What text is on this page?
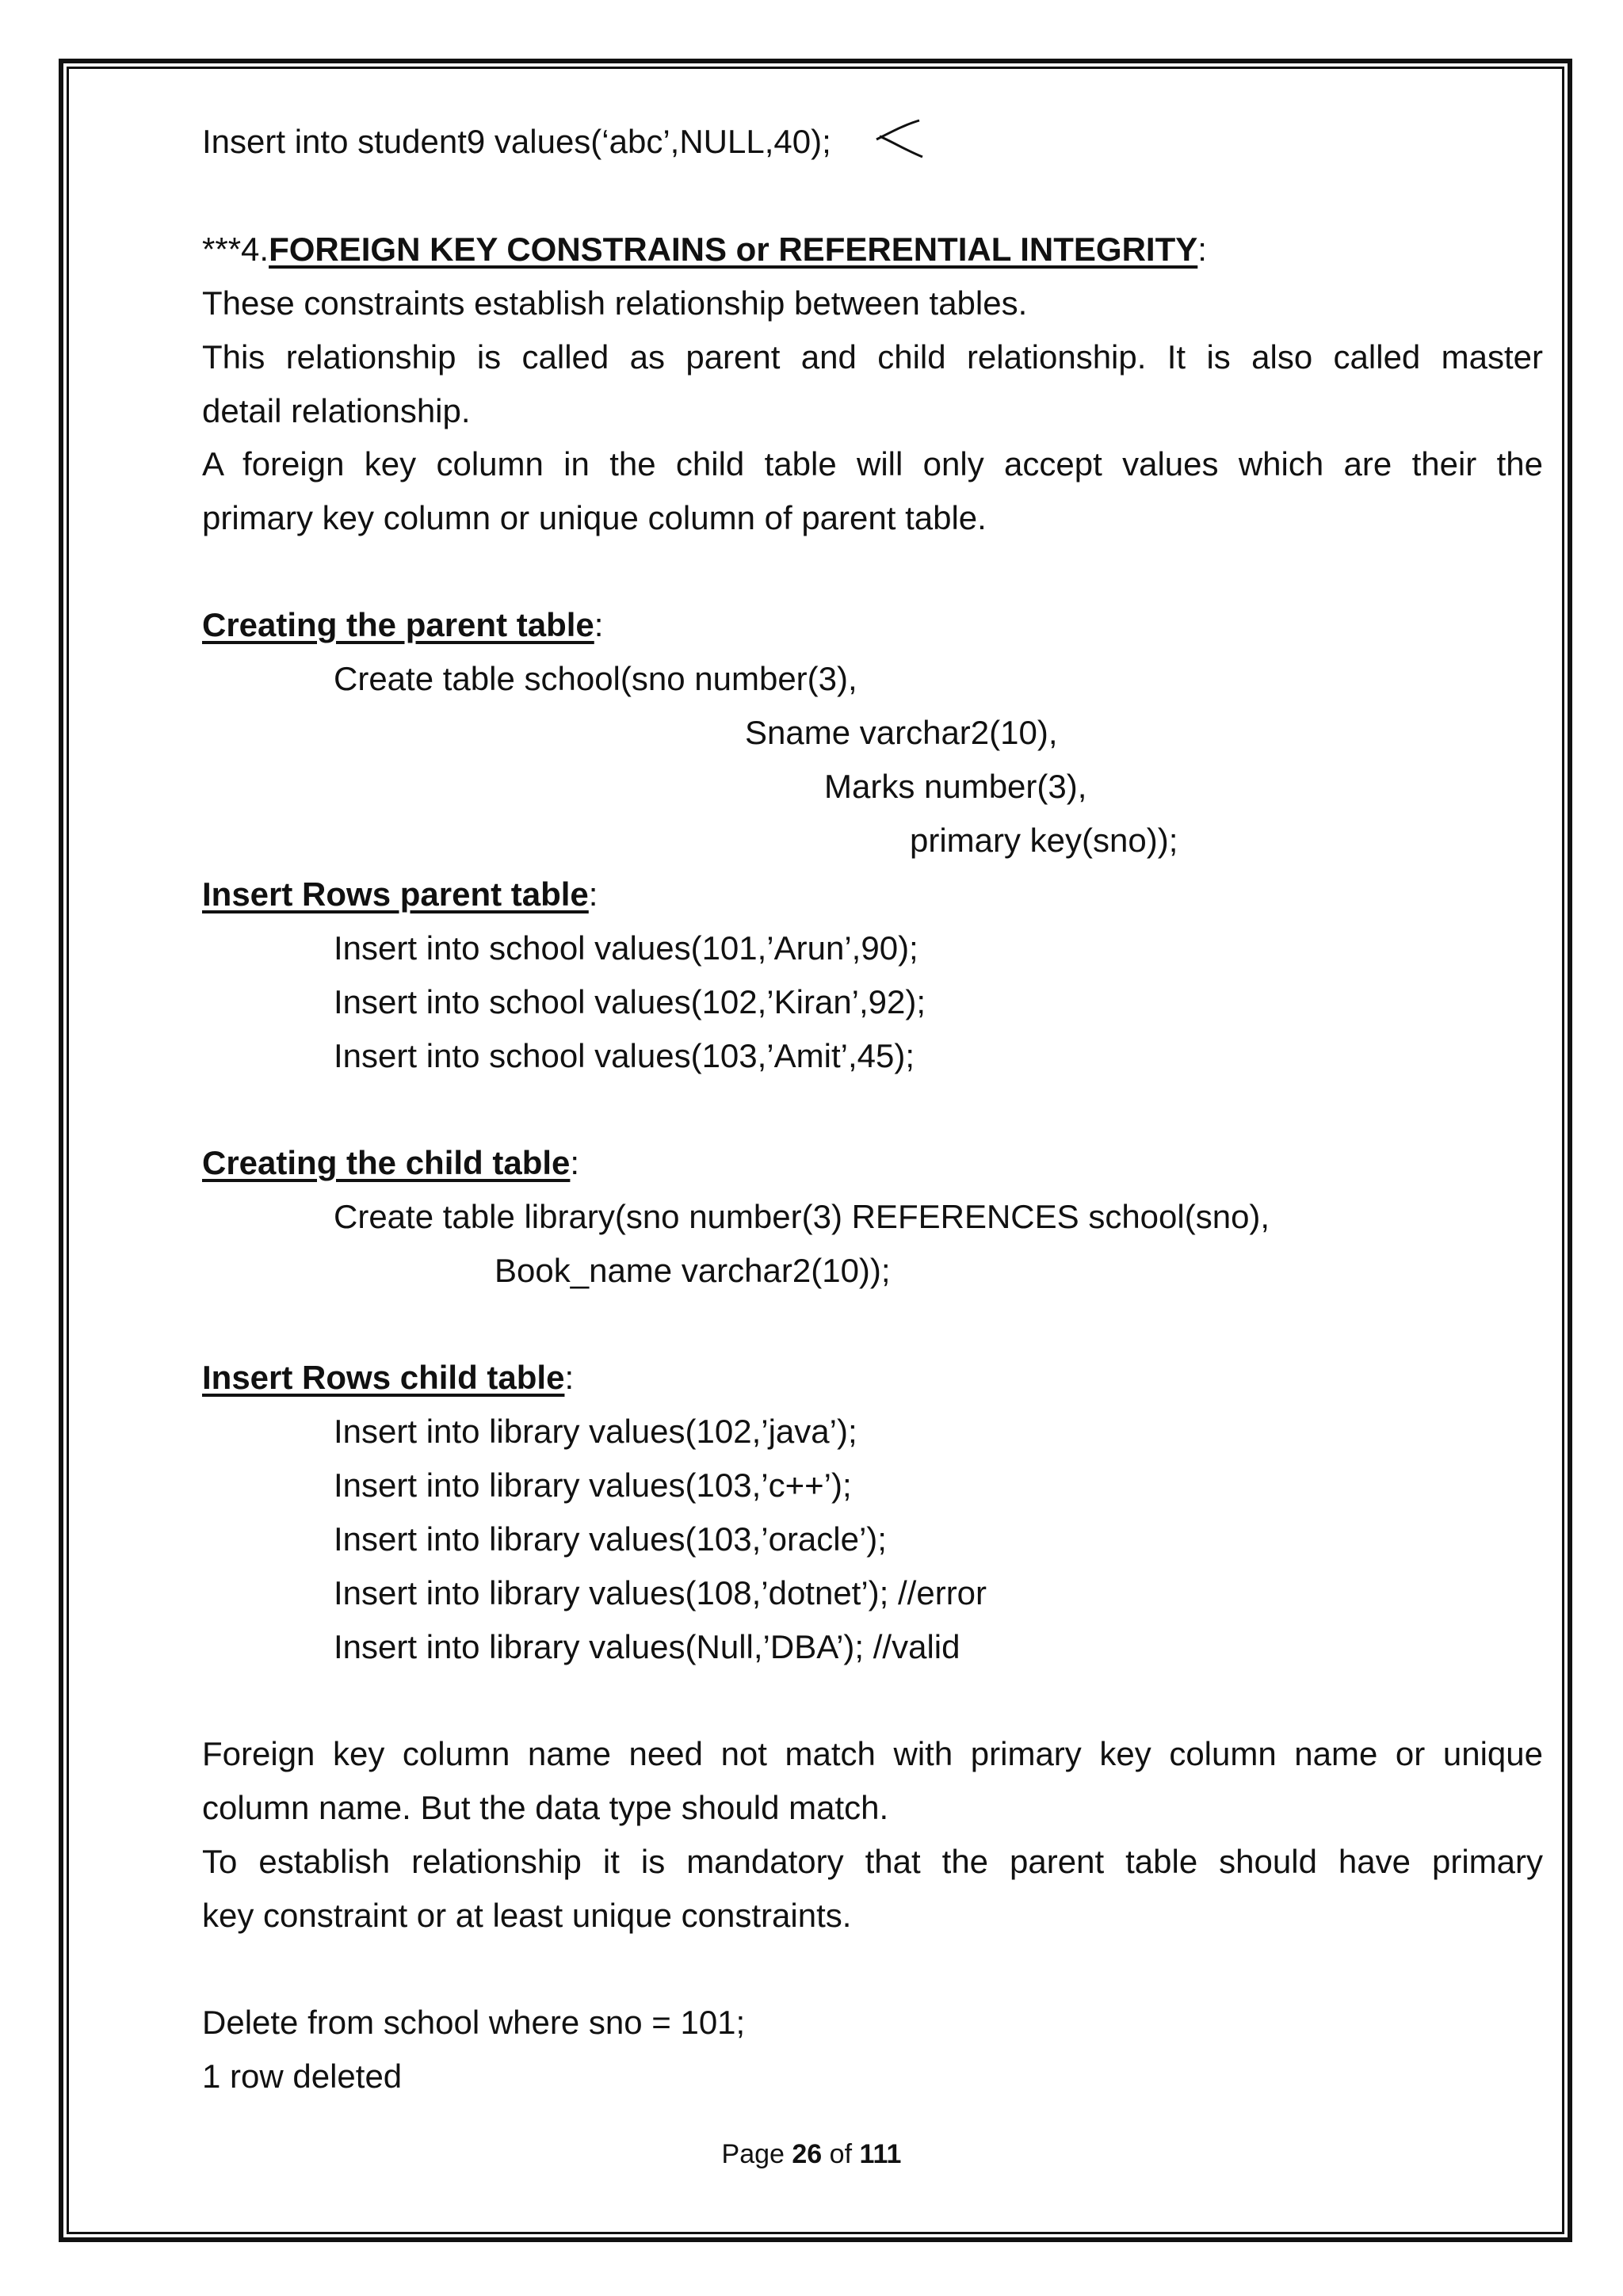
Insert into student9 values(‘abc’,NULL,40);
***4.FOREIGN KEY CONSTRAINS or REFERENTIAL INTEGRITY:
These constraints establish relationship between tables.
This relationship is called as parent and child relationship. It is also called master
detail relationship.
A foreign key column in the child table will only accept values which are their the
primary key column or unique column of parent table.
Creating the parent table:
Create table school(sno number(3),
Sname varchar2(10),
Marks number(3),
primary key(sno));
Insert Rows parent table:
Insert into school values(101,’Arun’,90);
Insert into school values(102,’Kiran’,92);
Insert into school values(103,’Amit’,45);
Creating the child table:
Create table library(sno number(3) REFERENCES school(sno),
Book_name varchar2(10));
Insert Rows child table:
Insert into library values(102,’java’);
Insert into library values(103,’c++’);
Insert into library values(103,’oracle’);
Insert into library values(108,’dotnet’); //error
Insert into library values(Null,’DBA’); //valid
Foreign key column name need not match with primary key column name or unique
column name. But the data type should match.
To establish relationship it is mandatory that the parent table should have primary
key constraint or at least unique constraints.
Delete from school where sno = 101;
1 row deleted
Page 26 of 111
